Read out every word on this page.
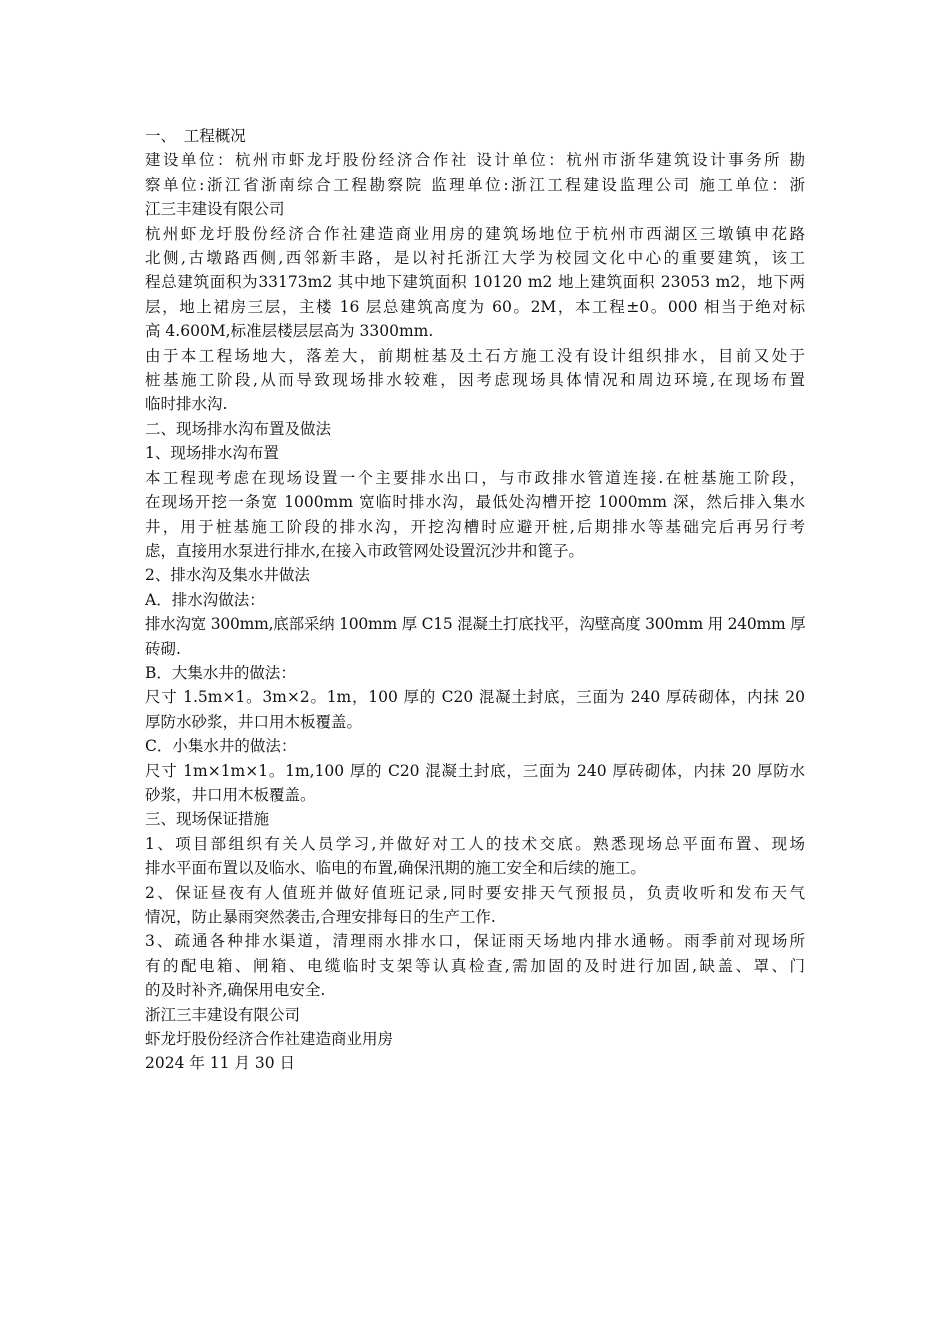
一、　工程概况
建设单位：杭州市虾龙圩股份经济合作社 设计单位：杭州市浙华建筑设计事务所 勘
察单位:浙江省浙南综合工程勘察院 监理单位:浙江工程建设监理公司 施工单位：浙
江三丰建设有限公司
杭州虾龙圩股份经济合作社建造商业用房的建筑场地位于杭州市西湖区三墩镇申花路
北侧,古墩路西侧,西邻新丰路，是以衬托浙江大学为校园文化中心的重要建筑，该工
程总建筑面积为33173m2 其中地下建筑面积 10120 m2 地上建筑面积 23053 m2，地下两
层，地上裙房三层，主楼 16 层总建筑高度为 60。2M，本工程±0。000 相当于绝对标
高 4.600M,标准层楼层层高为 3300mm.
由于本工程场地大，落差大，前期桩基及土石方施工没有设计组织排水，目前又处于
桩基施工阶段,从而导致现场排水较难，因考虑现场具体情况和周边环境,在现场布置
临时排水沟.
二、现场排水沟布置及做法
1、现场排水沟布置
本工程现考虑在现场设置一个主要排水出口，与市政排水管道连接.在桩基施工阶段，
在现场开挖一条宽 1000mm 宽临时排水沟，最低处沟槽开挖 1000mm 深，然后排入集水
井，用于桩基施工阶段的排水沟，开挖沟槽时应避开桩,后期排水等基础完后再另行考
虑，直接用水泵进行排水,在接入市政管网处设置沉沙井和篦子。
2、排水沟及集水井做法
A．排水沟做法：
排水沟宽 300mm,底部采纳 100mm 厚 C15 混凝土打底找平，沟壁高度 300mm 用 240mm 厚
砖砌.
B．大集水井的做法：
尺寸 1.5m×1。3m×2。1m，100 厚的 C20 混凝土封底，三面为 240 厚砖砌体，内抹 20
厚防水砂浆，井口用木板覆盖。
C．小集水井的做法：
尺寸 1m×1m×1。1m,100 厚的 C20 混凝土封底，三面为 240 厚砖砌体，内抹 20 厚防水
砂浆，井口用木板覆盖。
三、现场保证措施
1、项目部组织有关人员学习,并做好对工人的技术交底。熟悉现场总平面布置、现场
排水平面布置以及临水、临电的布置,确保汛期的施工安全和后续的施工。
2、保证昼夜有人值班并做好值班记录,同时要安排天气预报员，负责收听和发布天气
情况，防止暴雨突然袭击,合理安排每日的生产工作.
3、疏通各种排水渠道，清理雨水排水口，保证雨天场地内排水通畅。雨季前对现场所
有的配电箱、闸箱、电缆临时支架等认真检查,需加固的及时进行加固,缺盖、罩、门
的及时补齐,确保用电安全.
浙江三丰建设有限公司
虾龙圩股份经济合作社建造商业用房
2024 年 11 月 30 日
